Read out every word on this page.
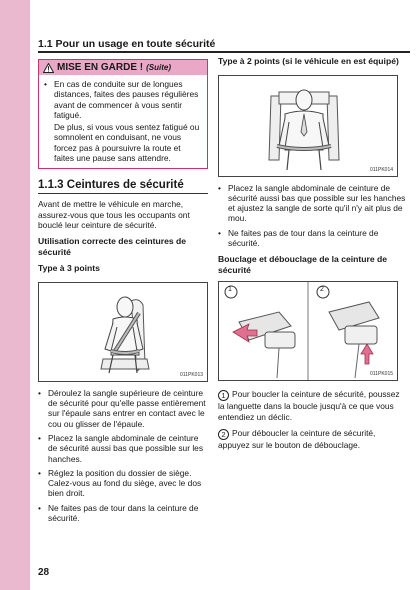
1.1 Pour un usage en toute sécurité
MISE EN GARDE ! (Suite)
• En cas de conduite sur de longues distances, faites des pauses régulières avant de commencer à vous sentir fatigué.
De plus, si vous vous sentez fatigué ou somnolent en conduisant, ne vous forcez pas à poursuivre la route et faites une pause sans attendre.
1.1.3 Ceintures de sécurité
Avant de mettre le véhicule en marche, assurez-vous que tous les occupants ont bouclé leur ceinture de sécurité.
Utilisation correcte des ceintures de sécurité
Type à 3 points
011PK013
• Déroulez la sangle supérieure de ceinture de sécurité pour qu'elle passe entièrement sur l'épaule sans entrer en contact avec le cou ou glisser de l'épaule.
• Placez la sangle abdominale de ceinture de sécurité aussi bas que possible sur les hanches.
• Réglez la position du dossier de siège. Calez-vous au fond du siège, avec le dos bien droit.
• Ne faites pas de tour dans la ceinture de sécurité.
Type à 2 points (si le véhicule en est équipé)
011PK014
• Placez la sangle abdominale de ceinture de sécurité aussi bas que possible sur les hanches et ajustez la sangle de sorte qu'il n'y ait plus de mou.
• Ne faites pas de tour dans la ceinture de sécurité.
Bouclage et débouclage de la ceinture de sécurité
1	2
011PK015
1 Pour boucler la ceinture de sécurité, poussez la languette dans la boucle jusqu'à ce que vous entendiez un déclic.
2 Pour déboucler la ceinture de sécurité, appuyez sur le bouton de débouclage.
28
